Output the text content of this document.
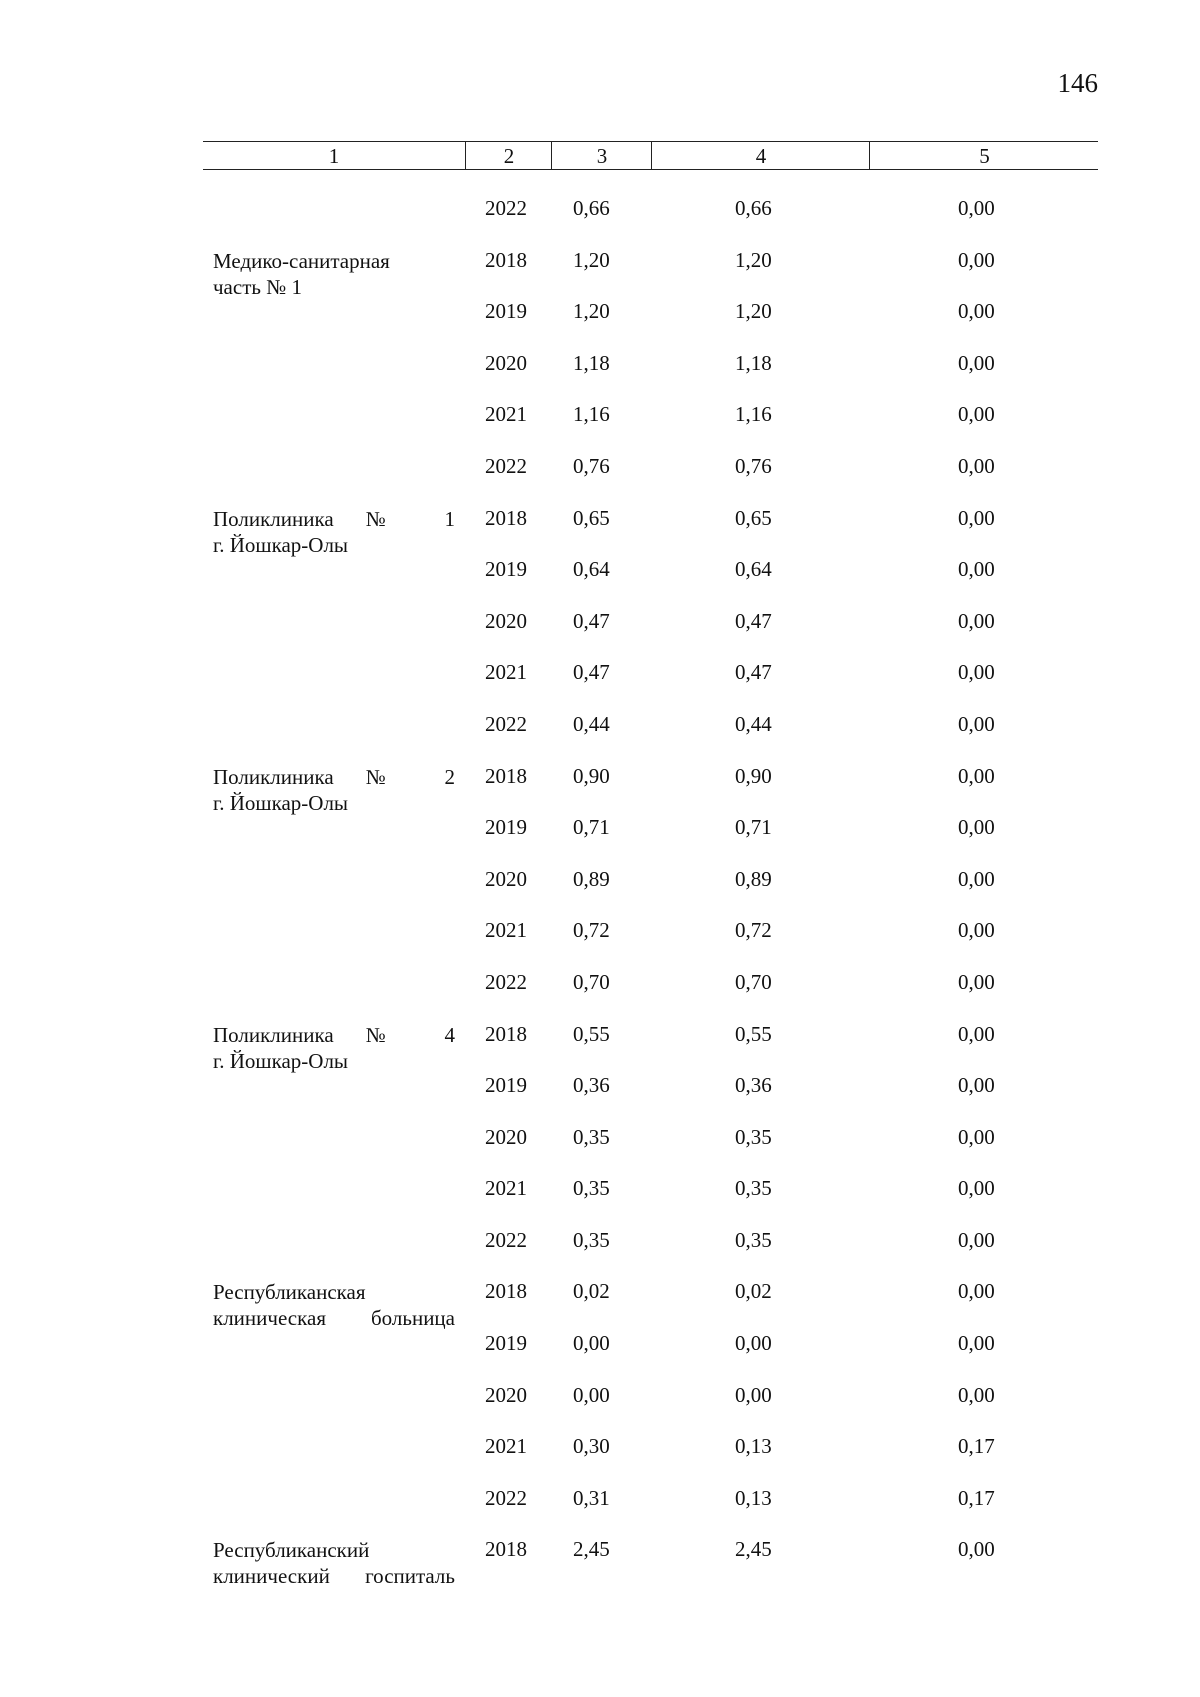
146
1	2	3	4	5
2022 0,66	0,66	0,00
Медико-санитарная
часть № 1
2018 1,20	1,20	0,00
2019 1,20	1,20	0,00
2020 1,18	1,18	0,00
2021 1,16	1,16	0,00
2022 0,76	0,76	0,00
Поликлиника № 1
г. Йошкар-Олы
2018 0,65	0,65	0,00
2019 0,64	0,64	0,00
2020 0,47	0,47	0,00
2021 0,47	0,47	0,00
2022 0,44	0,44	0,00
Поликлиника № 2
г. Йошкар-Олы
2018 0,90	0,90	0,00
2019 0,71	0,71	0,00
2020 0,89	0,89	0,00
2021 0,72	0,72	0,00
2022 0,70	0,70	0,00
Поликлиника № 4
г. Йошкар-Олы
2018 0,55	0,55	0,00
2019 0,36	0,36	0,00
2020 0,35	0,35	0,00
2021 0,35	0,35	0,00
2022 0,35	0,35	0,00
Республиканская
клиническая больница
2018 0,02	0,02	0,00
2019 0,00	0,00	0,00
2020 0,00	0,00	0,00
2021 0,30	0,13	0,17
2022 0,31	0,13	0,17
Республиканский
клинический госпиталь
2018 2,45	2,45	0,00
